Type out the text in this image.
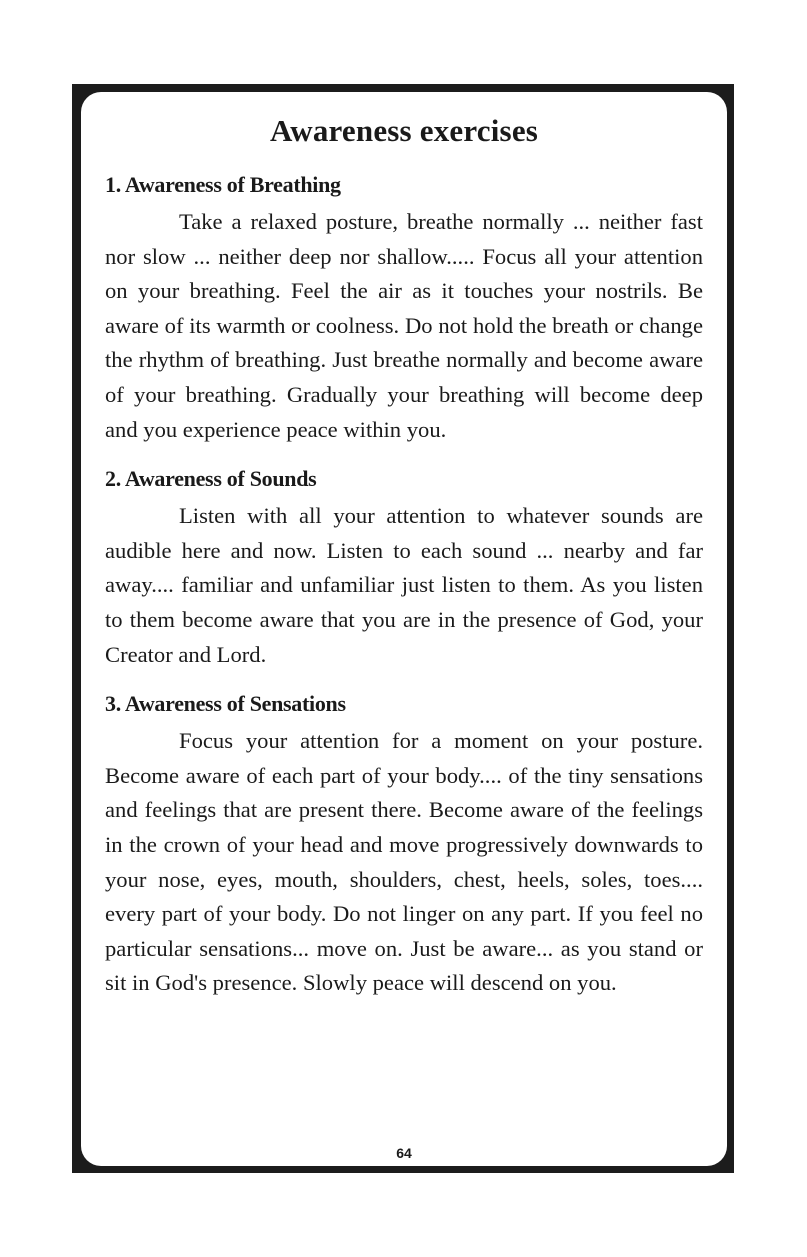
Awareness exercises
1. Awareness of Breathing

Take a relaxed posture, breathe normally ... neither fast nor slow ... neither deep nor shallow..... Focus all your attention on your breathing. Feel the air as it touches your nostrils. Be aware of its warmth or coolness. Do not hold the breath or change the rhythm of breathing. Just breathe normally and become aware of your breathing. Gradually your breathing will become deep and you experience peace within you.

2. Awareness of Sounds

Listen with all your attention to whatever sounds are audible here and now. Listen to each sound ... nearby and far away.... familiar and unfamiliar just listen to them. As you listen to them become aware that you are in the presence of God, your Creator and Lord.

3. Awareness of Sensations

Focus your attention for a moment on your posture. Become aware of each part of your body.... of the tiny sensations and feelings that are present there. Become aware of the feelings in the crown of your head and move progressively downwards to your nose, eyes, mouth, shoulders, chest, heels, soles, toes.... every part of your body. Do not linger on any part. If you feel no particular sensations... move on. Just be aware... as you stand or sit in God's presence. Slowly peace will descend on you.

64
